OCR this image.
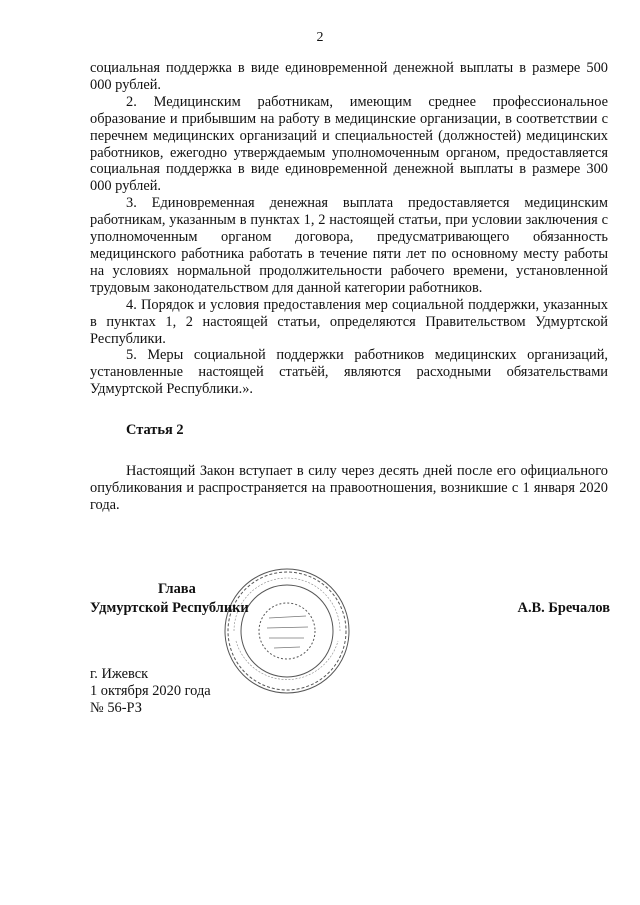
2

социальная поддержка в виде единовременной денежной выплаты в размере 500 000 рублей.

2. Медицинским работникам, имеющим среднее профессиональное образование и прибывшим на работу в медицинские организации, в соответствии с перечнем медицинских организаций и специальностей (должностей) медицинских работников, ежегодно утверждаемым уполномоченным органом, предоставляется социальная поддержка в виде единовременной денежной выплаты в размере 300 000 рублей.

3. Единовременная денежная выплата предоставляется медицинским работникам, указанным в пунктах 1, 2 настоящей статьи, при условии заключения с уполномоченным органом договора, предусматривающего обязанность медицинского работника работать в течение пяти лет по основному месту работы на условиях нормальной продолжительности рабочего времени, установленной трудовым законодательством для данной категории работников.

4. Порядок и условия предоставления мер социальной поддержки, указанных в пунктах 1, 2 настоящей статьи, определяются Правительством Удмуртской Республики.

5. Меры социальной поддержки работников медицинских организаций, установленные настоящей статьёй, являются расходными обязательствами Удмуртской Республики.».

Статья 2

Настоящий Закон вступает в силу через десять дней после его официального опубликования и распространяется на правоотношения, возникшие с 1 января 2020 года.

Глава
Удмуртской Республики	А.В. Бречалов
г. Ижевск
1 октября 2020 года
№ 56-РЗ
